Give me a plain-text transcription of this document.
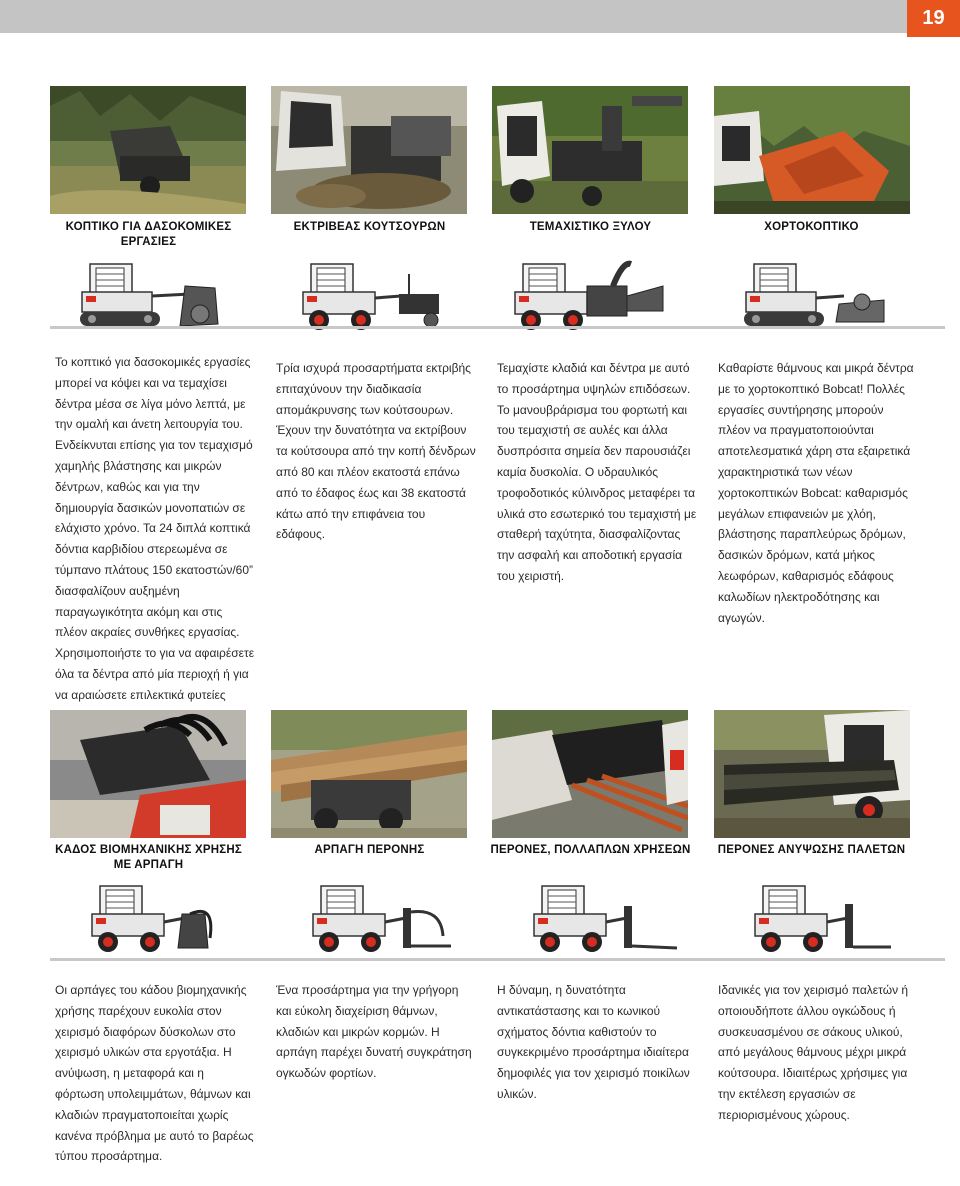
19
ΚΟΠΤΙΚΟ ΓΙΑ ΔΑΣΟΚΟΜΙΚΕΣ ΕΡΓΑΣΙΕΣ
ΕΚΤΡΙΒΕΑΣ ΚΟΥΤΣΟΥΡΩΝ	ΤΕΜΑΧΙΣΤΙΚΟ ΞΥΛΟΥ	ΧΟΡΤΟΚΟΠΤΙΚΟ
Το κοπτικό για δασοκομικές εργασίες μπορεί να κόψει και να τεμαχίσει δέντρα μέσα σε λίγα μόνο λεπτά, με την ομαλή και άνετη λειτουργία του. Ενδείκνυται επίσης για τον τεμαχισμό χαμηλής βλάστησης και μικρών δέντρων, καθώς και για την δημιουργία δασικών μονοπατιών σε ελάχιστο χρόνο. Τα 24 διπλά κοπτικά δόντια καρβιδίου στερεωμένα σε τύμπανο πλάτους 150 εκατοστών/60” διασφαλίζουν αυξημένη παραγωγικότητα ακόμη και στις πλέον ακραίες συνθήκες εργασίας. Χρησιμοποιήστε το για να αφαιρέσετε όλα τα δέντρα από μία περιοχή ή για να αραιώσετε επιλεκτικά φυτείες
Τρία ισχυρά προσαρτήματα εκτριβής επιταχύνουν την διαδικασία απομάκρυνσης των κούτσουρων. Έχουν την δυνατότητα να εκτρίβουν τα κούτσουρα από την κοπή δένδρων από 80 και πλέον εκατοστά επάνω από το έδαφος έως και 38 εκατοστά κάτω από την επιφάνεια του εδάφους.
Τεμαχίστε κλαδιά και δέντρα με αυτό το προσάρτημα υψηλών επιδόσεων. Το μανουβράρισμα του φορτωτή και του τεμαχιστή σε αυλές και άλλα δυσπρόσιτα σημεία δεν παρουσιάζει καμία δυσκολία. Ο υδραυλικός τροφοδοτικός κύλινδρος μεταφέρει τα υλικά στο εσωτερικό του τεμαχιστή με σταθερή ταχύτητα, διασφαλίζοντας την ασφαλή και αποδοτική εργασία του χειριστή.
Καθαρίστε θάμνους και μικρά δέντρα με το χορτοκοπτικό Bobcat! Πολλές εργασίες συντήρησης μπορούν πλέον να πραγματοποιούνται αποτελεσματικά χάρη στα εξαιρετικά χαρακτηριστικά των νέων χορτοκοπτικών Bobcat: καθαρισμός μεγάλων επιφανειών με χλόη, βλάστησης παραπλεύρως δρόμων, δασικών δρόμων, κατά μήκος λεωφόρων, καθαρισμός εδάφους καλωδίων ηλεκτροδότησης και αγωγών.
ΚΑΔΟΣ ΒΙΟΜΗΧΑΝΙΚΗΣ ΧΡΗΣΗΣ ΜΕ ΑΡΠΑΓΗ
ΑΡΠΑΓΗ ΠΕΡΟΝΗΣ	ΠΕΡΟΝΕΣ, ΠΟΛΛΑΠΛΩΝ ΧΡΗΣΕΩΝ	ΠΕΡΟΝΕΣ ΑΝΥΨΩΣΗΣ ΠΑΛΕΤΩΝ
Οι αρπάγες του κάδου βιομηχανικής χρήσης παρέχουν ευκολία στον χειρισμό διαφόρων δύσκολων στο χειρισμό υλικών στα εργοτάξια. Η ανύψωση, η μεταφορά και η φόρτωση υπολειμμάτων, θάμνων και κλαδιών πραγματοποιείται χωρίς κανένα πρόβλημα με αυτό το βαρέως τύπου προσάρτημα.
Ένα προσάρτημα για την γρήγορη και εύκολη διαχείριση θάμνων, κλαδιών και μικρών κορμών. Η αρπάγη παρέχει δυνατή συγκράτηση ογκωδών φορτίων.
Η δύναμη, η δυνατότητα αντικατάστασης και το κωνικού σχήματος δόντια καθιστούν το συγκεκριμένο προσάρτημα ιδιαίτερα δημοφιλές για τον χειρισμό ποικίλων υλικών.
Ιδανικές για τον χειρισμό παλετών ή οποιουδήποτε άλλου ογκώδους ή συσκευασμένου σε σάκους υλικού, από μεγάλους θάμνους μέχρι μικρά κούτσουρα. Ιδιαιτέρως χρήσιμες για την εκτέλεση εργασιών σε περιορισμένους χώρους.
